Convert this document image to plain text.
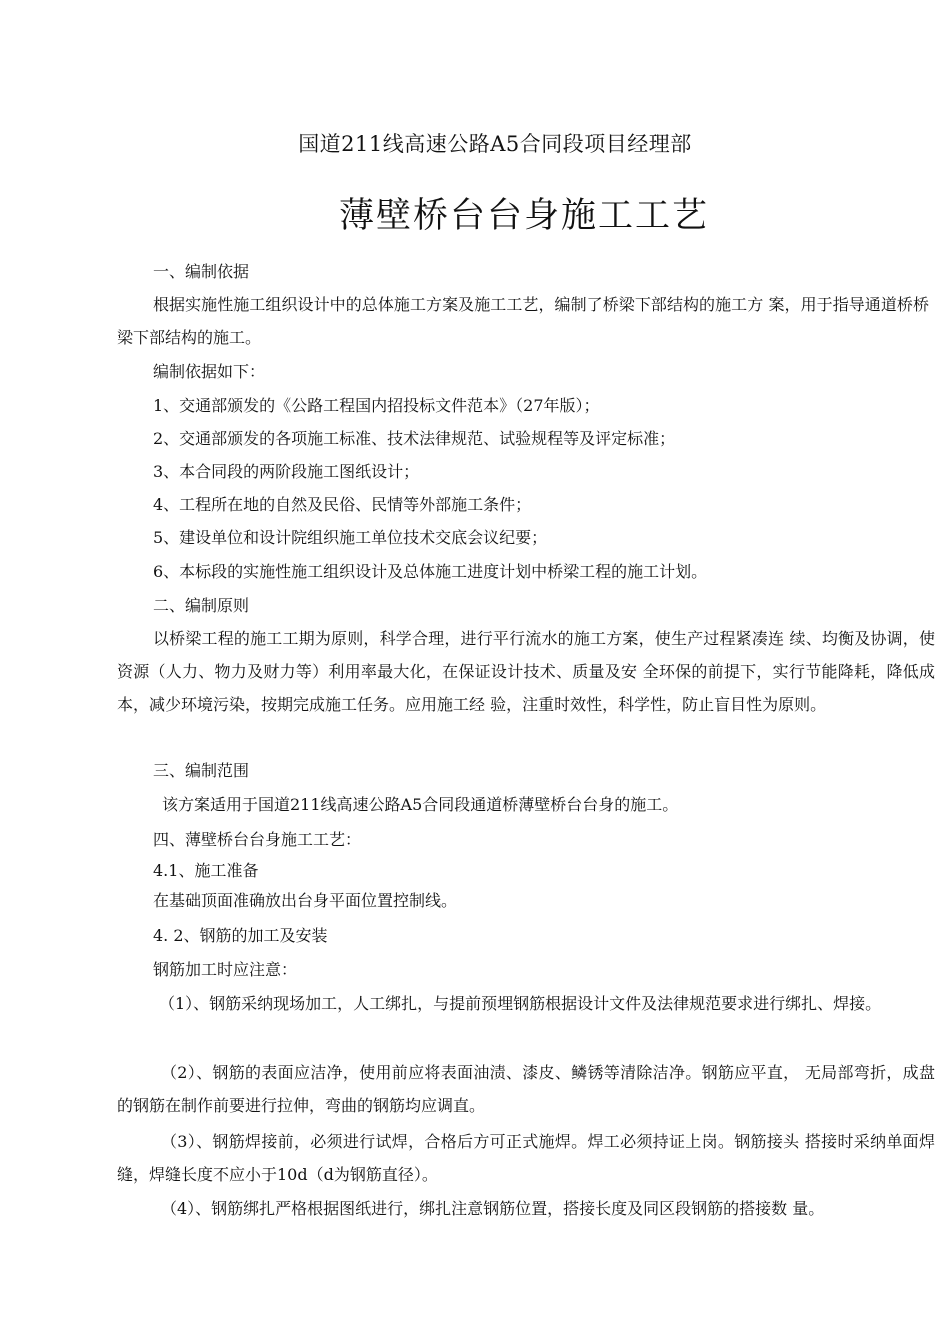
国道211线高速公路A5合同段项目经理部
薄壁桥台台身施工工艺
一、编制依据
根据实施性施工组织设计中的总体施工方案及施工工艺，编制了桥梁下部结构的施工方 案，用于指导通道桥桥梁下部结构的施工。
编制依据如下：
1、交通部颁发的《公路工程国内招投标文件范本》（27年版）；
2、交通部颁发的各项施工标准、技术法律规范、试验规程等及评定标准；
3、本合同段的两阶段施工图纸设计；
4、工程所在地的自然及民俗、民情等外部施工条件；
5、建设单位和设计院组织施工单位技术交底会议纪要；
6、本标段的实施性施工组织设计及总体施工进度计划中桥梁工程的施工计划。
二、编制原则
以桥梁工程的施工工期为原则，科学合理，进行平行流水的施工方案，使生产过程紧凑连 续、均衡及协调，使资源（人力、物力及财力等）利用率最大化，在保证设计技术、质量及安 全环保的前提下，实行节能降耗，降低成本，减少环境污染，按期完成施工任务。应用施工经 验，注重时效性，科学性，防止盲目性为原则。
三、编制范围
该方案适用于国道211线高速公路A5合同段通道桥薄壁桥台台身的施工。
四、薄壁桥台台身施工工艺：
4.1、施工准备
在基础顶面准确放出台身平面位置控制线。
4. 2、钢筋的加工及安装
钢筋加工时应注意：
（1）、钢筋采纳现场加工，人工绑扎，与提前预埋钢筋根据设计文件及法律规范要求进行绑扎、焊接。
（2）、钢筋的表面应洁净，使用前应将表面油渍、漆皮、鳞锈等清除洁净。钢筋应平直， 无局部弯折，成盘的钢筋在制作前要进行拉伸，弯曲的钢筋均应调直。
（3）、钢筋焊接前，必须进行试焊，合格后方可正式施焊。焊工必须持证上岗。钢筋接头 搭接时采纳单面焊缝，焊缝长度不应小于10d（d为钢筋直径）。
（4）、钢筋绑扎严格根据图纸进行，绑扎注意钢筋位置，搭接长度及同区段钢筋的搭接数 量。
